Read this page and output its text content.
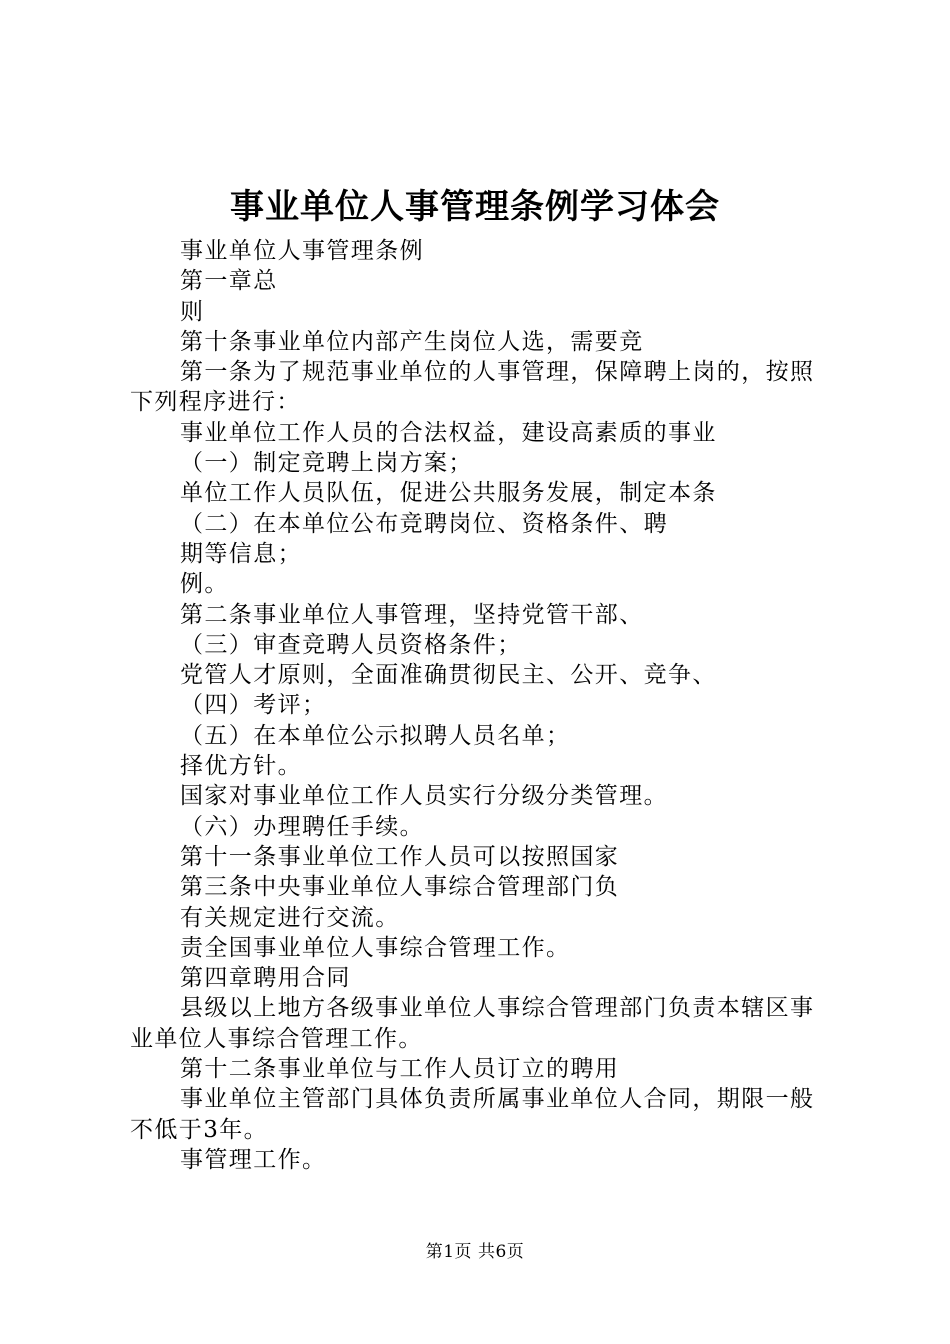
事业单位人事管理条例学习体会

事业单位人事管理条例

第一章总

则

第十条事业单位内部产生岗位人选，需要竞

第一条为了规范事业单位的人事管理，保障聘上岗的，按照下列程序进行：

事业单位工作人员的合法权益，建设高素质的事业

（一）制定竞聘上岗方案；

单位工作人员队伍，促进公共服务发展，制定本条

（二）在本单位公布竞聘岗位、资格条件、聘

期等信息；

例。

第二条事业单位人事管理，坚持党管干部、

（三）审查竞聘人员资格条件；

党管人才原则，全面准确贯彻民主、公开、竞争、

（四）考评；

（五）在本单位公示拟聘人员名单；

择优方针。

国家对事业单位工作人员实行分级分类管理。

（六）办理聘任手续。

第十一条事业单位工作人员可以按照国家

第三条中央事业单位人事综合管理部门负

有关规定进行交流。

责全国事业单位人事综合管理工作。

第四章聘用合同

县级以上地方各级事业单位人事综合管理部门负责本辖区事业单位人事综合管理工作。

第十二条事业单位与工作人员订立的聘用

事业单位主管部门具体负责所属事业单位人合同，期限一般不低于3年。

事管理工作。

第1页 共6页
